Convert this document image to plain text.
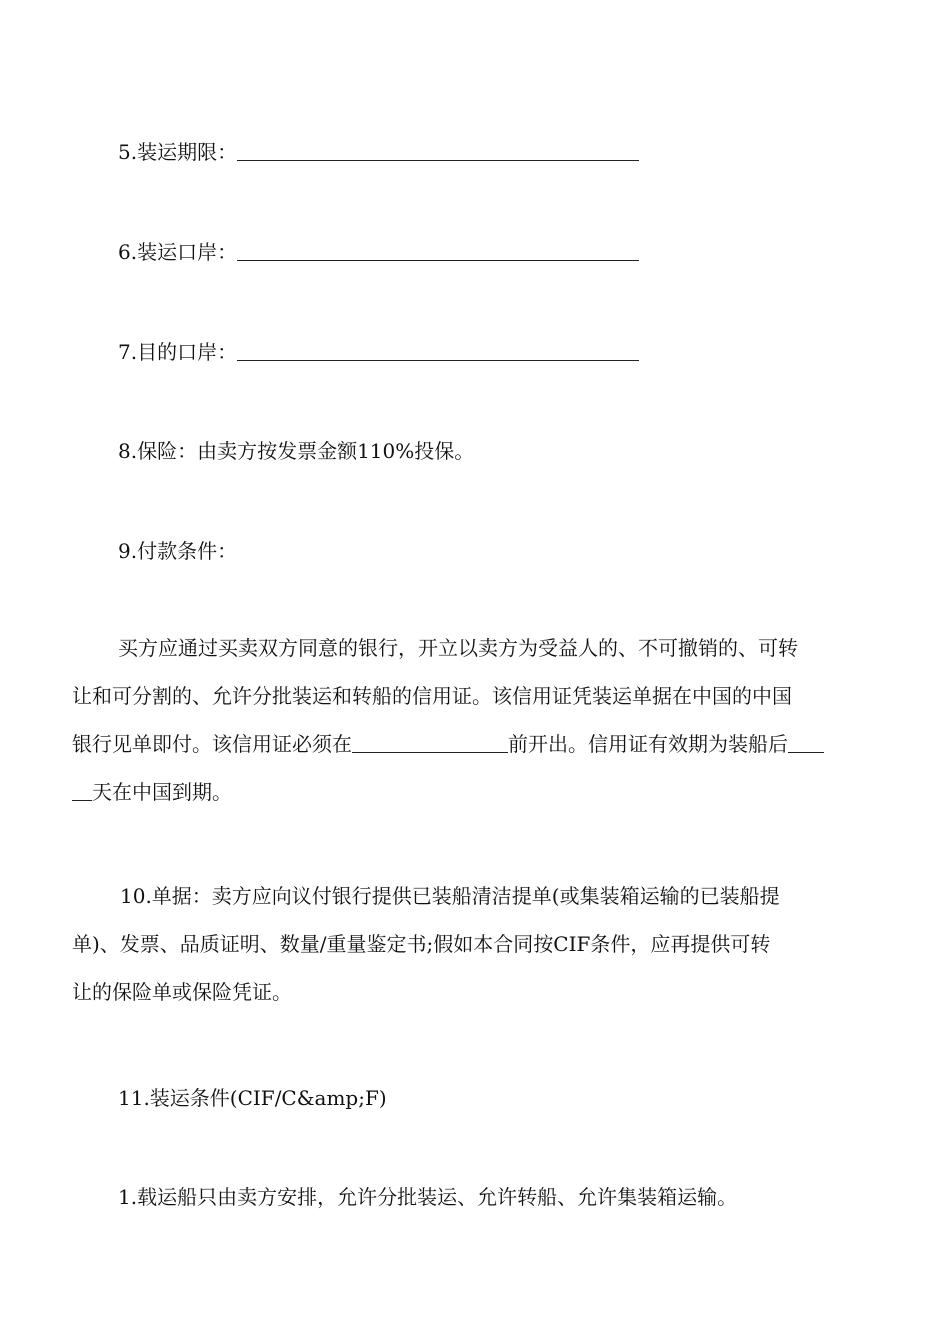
5.装运期限：
6.装运口岸：
7.目的口岸：
8.保险：由卖方按发票金额110%投保。
9.付款条件：
买方应通过买卖双方同意的银行，开立以卖方为受益人的、不可撤销的、可转
让和可分割的、允许分批装运和转船的信用证。该信用证凭装运单据在中国的中国
银行见单即付。该信用证必须在	前开出。信用证有效期为装船后
天在中国到期。
10.单据：卖方应向议付银行提供已装船清洁提单(或集装箱运输的已装船提
单)、发票、品质证明、数量/重量鉴定书;假如本合同按CIF条件，应再提供可转
让的保险单或保险凭证。
11.装运条件(CIF/C&amp;F)
1.载运船只由卖方安排，允许分批装运、允许转船、允许集装箱运输。
